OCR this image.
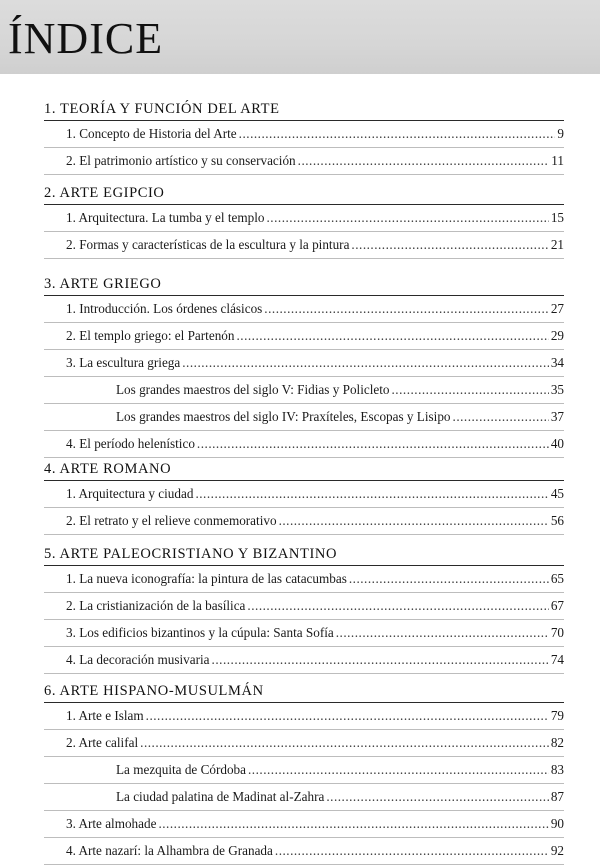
ÍNDICE
1. TEORÍA Y FUNCIÓN DEL ARTE
1. Concepto de Historia del Arte .....	9
2. El patrimonio artístico y su conservación .....	11
2. ARTE EGIPCIO
1. Arquitectura. La tumba y el templo .....	15
2. Formas y características de la escultura y la pintura .....	21
3. ARTE GRIEGO
1. Introducción. Los órdenes clásicos .....	27
2. El templo griego: el Partenón .....	29
3. La escultura griega .....	34
Los grandes maestros del siglo V: Fidias y Policleto .....	35
Los grandes maestros del siglo IV: Praxíteles, Escopas y Lisipo .....	37
4. El período helenístico .....	40
4. ARTE ROMANO
1. Arquitectura y ciudad .....	45
2. El retrato y el relieve conmemorativo .....	56
5. ARTE PALEOCRISTIANO Y BIZANTINO
1. La nueva iconografía: la pintura de las catacumbas .....	65
2. La cristianización de la basílica .....	67
3. Los edificios bizantinos y la cúpula: Santa Sofía .....	70
4. La decoración musivaria .....	74
6. ARTE HISPANO-MUSULMÁN
1. Arte e Islam .....	79
2. Arte califal .....	82
La mezquita de Córdoba .....	83
La ciudad palatina de Madinat al-Zahra .....	87
3. Arte almohade .....	90
4. Arte nazarí: la Alhambra de Granada .....	92
